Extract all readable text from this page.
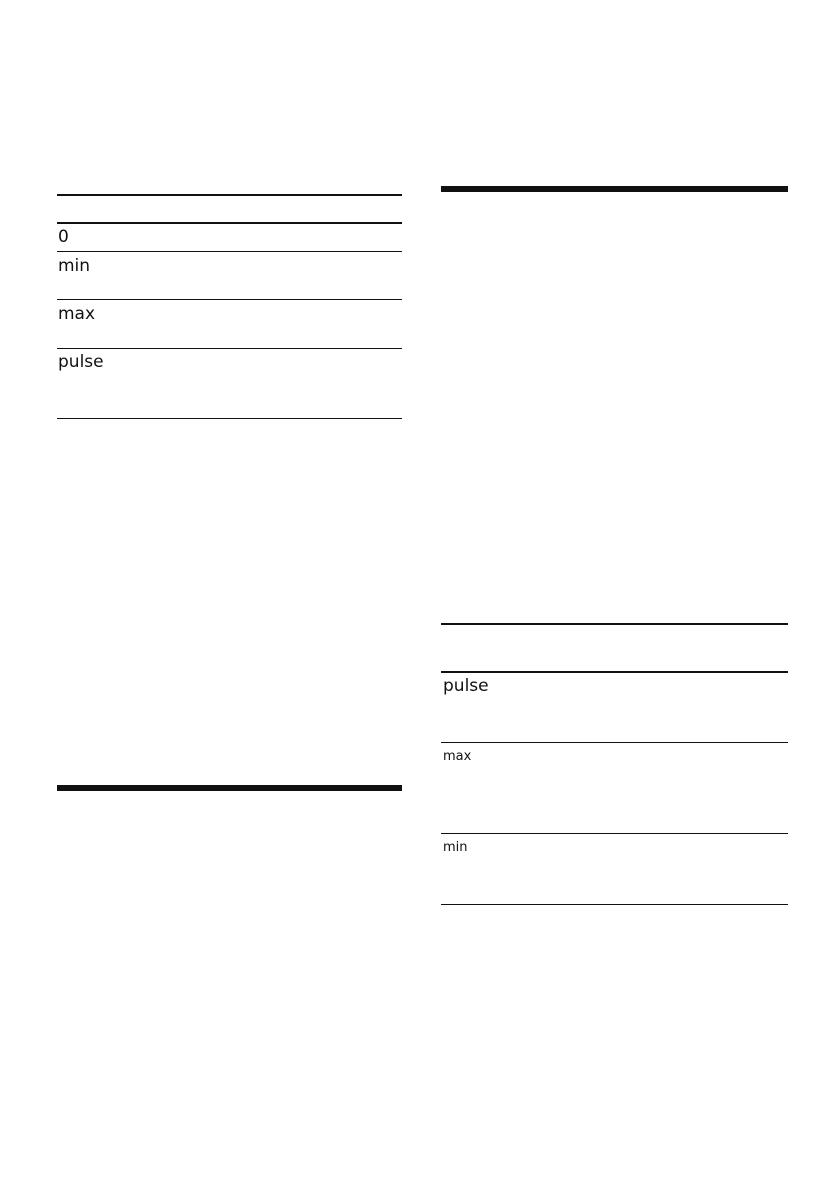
0
min
max
pulse
pulse
max
min
